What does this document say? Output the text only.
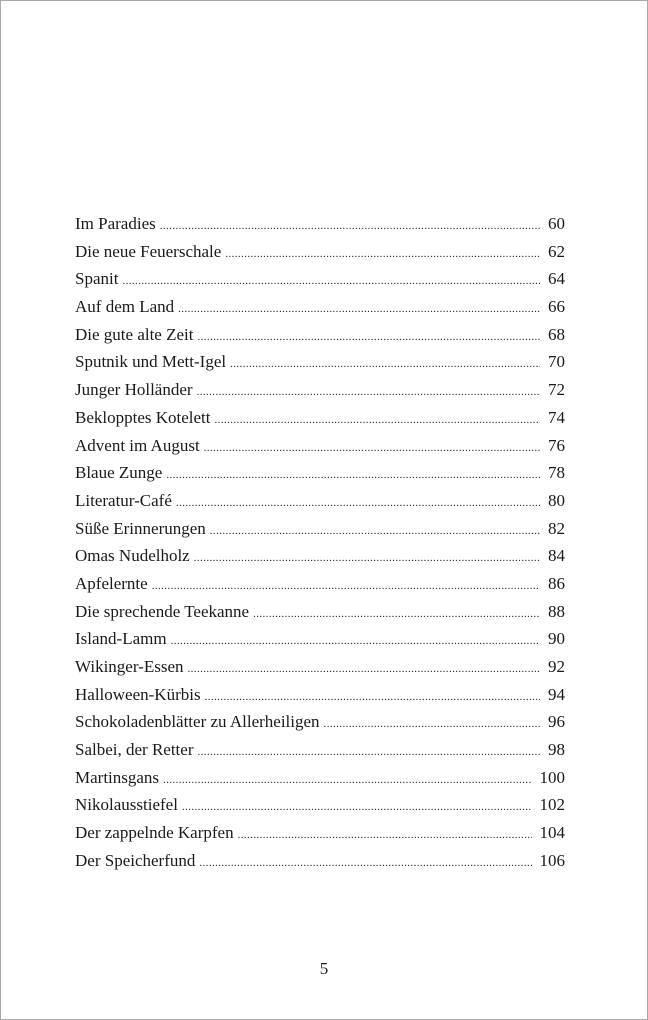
Im Paradies .....	60
Die neue Feuerschale .....	62
Spanit .....	64
Auf dem Land .....	66
Die gute alte Zeit .....	68
Sputnik und Mett-Igel .....	70
Junger Holländer .....	72
Beklopptes Kotelett .....	74
Advent im August .....	76
Blaue Zunge .....	78
Literatur-Café .....	80
Süße Erinnerungen .....	82
Omas Nudelholz .....	84
Apfelernte .....	86
Die sprechende Teekanne .....	88
Island-Lamm .....	90
Wikinger-Essen .....	92
Halloween-Kürbis .....	94
Schokoladenblätter zu Allerheiligen .....	96
Salbei, der Retter .....	98
Martinsgans .....	100
Nikolausstiefel .....	102
Der zappelnde Karpfen .....	104
Der Speicherfund .....	106
5
